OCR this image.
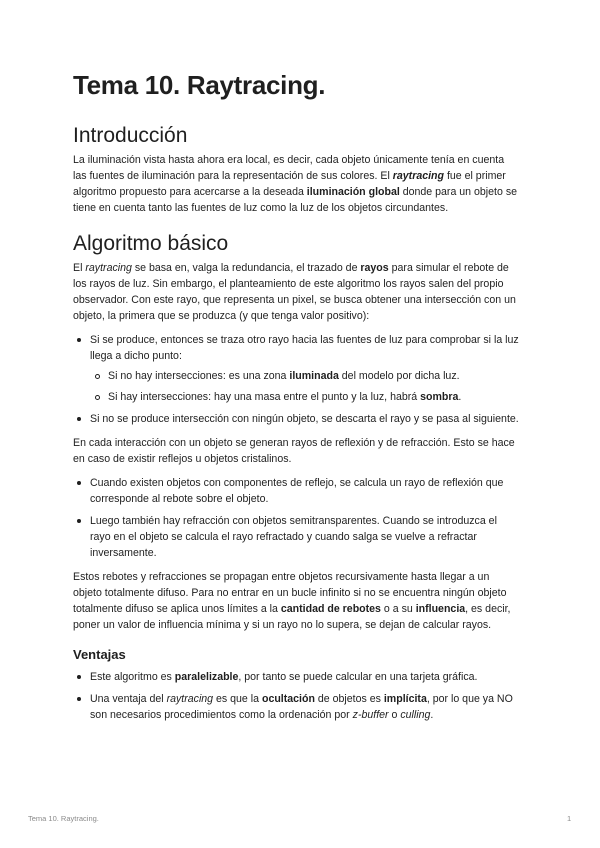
Tema 10. Raytracing.
Introducción

La iluminación vista hasta ahora era local, es decir, cada objeto únicamente tenía en cuenta las fuentes de iluminación para la representación de sus colores. El raytracing fue el primer algoritmo propuesto para acercarse a la deseada iluminación global donde para un objeto se tiene en cuenta tanto las fuentes de luz como la luz de los objetos circundantes.

Algoritmo básico

El raytracing se basa en, valga la redundancia, el trazado de rayos para simular el rebote de los rayos de luz. Sin embargo, el planteamiento de este algoritmo los rayos salen del propio observador. Con este rayo, que representa un pixel, se busca obtener una intersección con un objeto, la primera que se produzca (y que tenga valor positivo):

Si se produce, entonces se traza otro rayo hacia las fuentes de luz para comprobar si la luz llega a dicho punto:
Si no hay intersecciones: es una zona iluminada del modelo por dicha luz.
Si hay intersecciones: hay una masa entre el punto y la luz, habrá sombra.
Si no se produce intersección con ningún objeto, se descarta el rayo y se pasa al siguiente.

En cada interacción con un objeto se generan rayos de reflexión y de refracción. Esto se hace en caso de existir reflejos u objetos cristalinos.

Cuando existen objetos con componentes de reflejo, se calcula un rayo de reflexión que corresponde al rebote sobre el objeto.
Luego también hay refracción con objetos semitransparentes. Cuando se introduzca el rayo en el objeto se calcula el rayo refractado y cuando salga se vuelve a refractar inversamente.

Estos rebotes y refracciones se propagan entre objetos recursivamente hasta llegar a un objeto totalmente difuso. Para no entrar en un bucle infinito si no se encuentra ningún objeto totalmente difuso se aplica unos límites a la cantidad de rebotes o a su influencia, es decir, poner un valor de influencia mínima y si un rayo no lo supera, se dejan de calcular rayos.

Ventajas
Este algoritmo es paralelizable, por tanto se puede calcular en una tarjeta gráfica.
Una ventaja del raytracing es que la ocultación de objetos es implícita, por lo que ya NO son necesarios procedimientos como la ordenación por z-buffer o culling.
Tema 10. Raytracing.	1
